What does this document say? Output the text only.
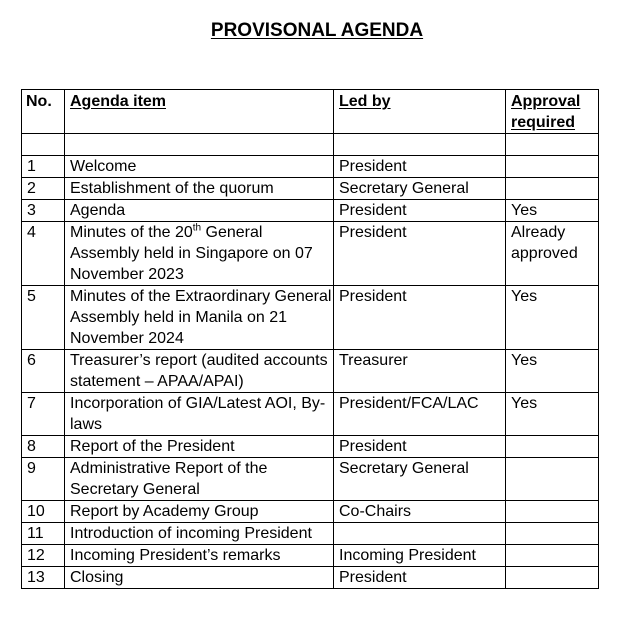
PROVISONAL AGENDA
No.	Agenda item	Led by	Approval
required

1	Welcome	President	
2	Establishment of the quorum	Secretary General	
3	Agenda	President	Yes
4	Minutes of the 20th General Assembly held in Singapore on 07 November 2023	President	Already approved
5	Minutes of the Extraordinary General Assembly held in Manila on 21 November 2024	President	Yes
6	Treasurer’s report (audited accounts statement – APAA/APAI)	Treasurer	Yes
7	Incorporation of GIA/Latest AOI, By-laws	President/FCA/LAC	Yes
8	Report of the President	President	
9	Administrative Report of the Secretary General	Secretary General	
10	Report by Academy Group	Co-Chairs	
11	Introduction of incoming President		
12	Incoming President’s remarks	Incoming President	
13	Closing	President	
